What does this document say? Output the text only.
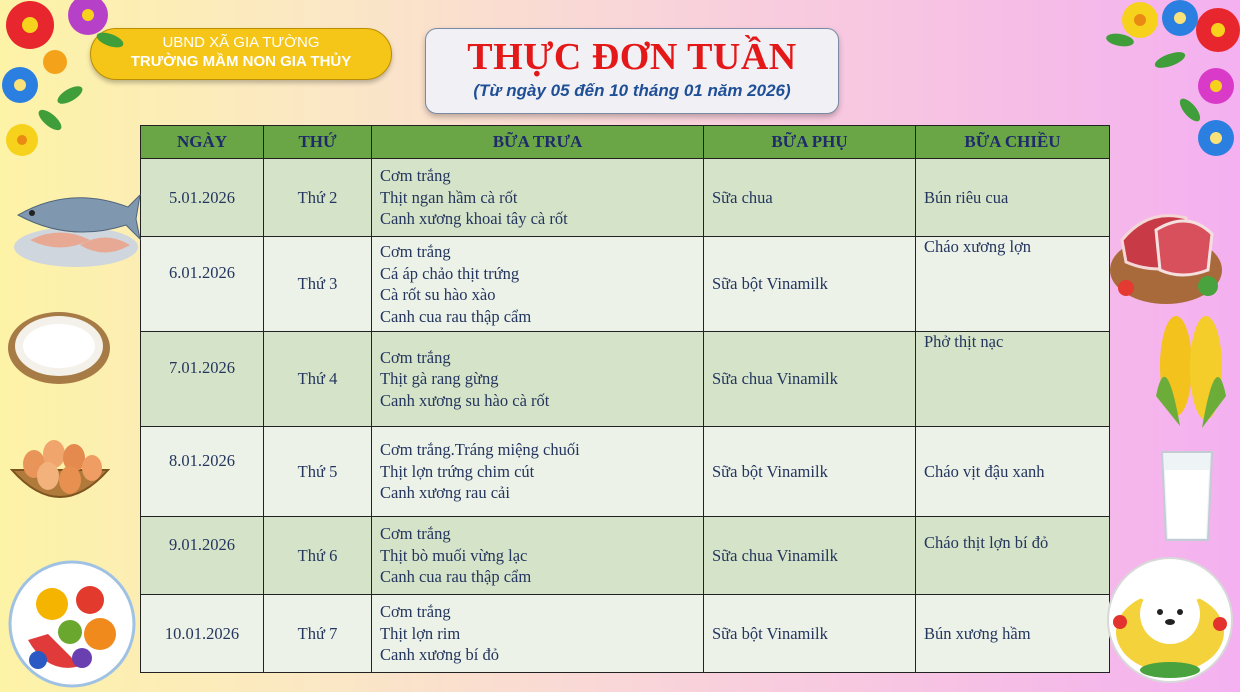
UBND XÃ GIA TƯỜNG
TRƯỜNG MẦM NON GIA THỦY	THỰC ĐƠN TUẦN
(Từ ngày 05 đến 10 tháng 01 năm 2026)
NGÀY	THỨ	BỮA TRƯA	BỮA PHỤ	BỮA CHIỀU
5.01.2026	Thứ 2	Cơm trắng
Thịt ngan hầm cà rốt
Canh xương khoai tây cà rốt	Sữa chua	Bún riêu cua
6.01.2026	Thứ 3	Cơm trắng
Cá áp chảo thịt trứng
Cà rốt su hào xào
Canh cua rau thập cẩm	Sữa bột Vinamilk	Cháo xương lợn
7.01.2026	Thứ 4	Cơm trắng
Thịt gà rang gừng
Canh xương su hào cà rốt	Sữa chua Vinamilk	Phở thịt nạc
8.01.2026	Thứ 5	Cơm trắng.Tráng miệng chuối
Thịt lợn trứng chim cút
Canh xương rau cải	Sữa bột Vinamilk	Cháo vịt đậu xanh
9.01.2026	Thứ 6	Cơm trắng
Thịt bò muối vừng lạc
Canh cua rau thập cẩm	Sữa chua Vinamilk	Cháo thịt lợn bí đỏ
10.01.2026	Thứ 7	Cơm trắng
Thịt lợn rim
Canh xương bí đỏ	Sữa bột Vinamilk	Bún xương hầm
